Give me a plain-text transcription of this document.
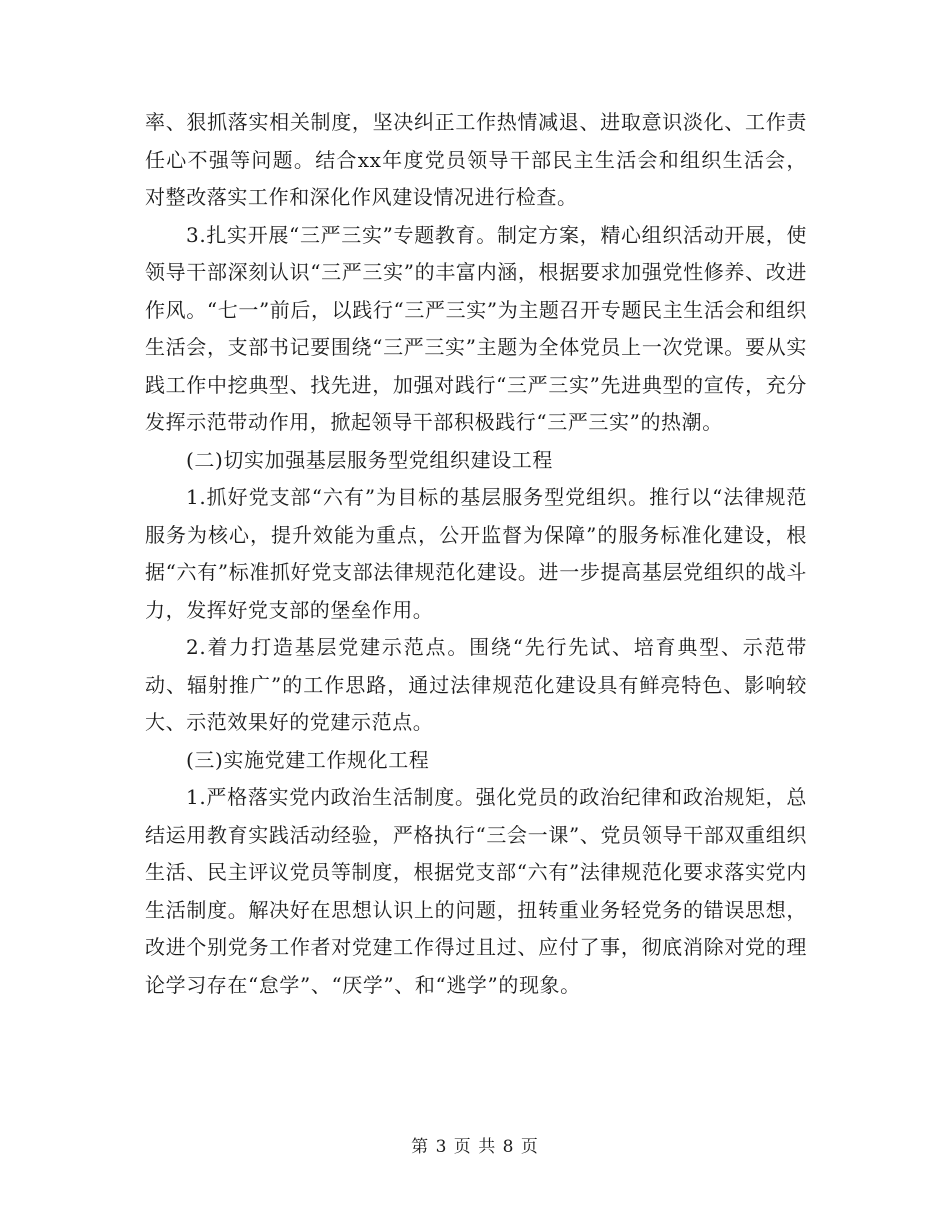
率、狠抓落实相关制度，坚决纠正工作热情减退、进取意识淡化、工作责任心不强等问题。结合xx年度党员领导干部民主生活会和组织生活会，对整改落实工作和深化作风建设情况进行检查。

3.扎实开展“三严三实”专题教育。制定方案，精心组织活动开展，使领导干部深刻认识“三严三实”的丰富内涵，根据要求加强党性修养、改进作风。“七一”前后，以践行“三严三实”为主题召开专题民主生活会和组织生活会，支部书记要围绕“三严三实”主题为全体党员上一次党课。要从实践工作中挖典型、找先进，加强对践行“三严三实”先进典型的宣传，充分发挥示范带动作用，掀起领导干部积极践行“三严三实”的热潮。

(二)切实加强基层服务型党组织建设工程

1.抓好党支部“六有”为目标的基层服务型党组织。推行以“法律规范服务为核心，提升效能为重点，公开监督为保障”的服务标准化建设，根据“六有”标准抓好党支部法律规范化建设。进一步提高基层党组织的战斗力，发挥好党支部的堡垒作用。

2.着力打造基层党建示范点。围绕“先行先试、培育典型、示范带动、辐射推广”的工作思路，通过法律规范化建设具有鲜亮特色、影响较大、示范效果好的党建示范点。

(三)实施党建工作规化工程

1.严格落实党内政治生活制度。强化党员的政治纪律和政治规矩，总结运用教育实践活动经验，严格执行“三会一课”、党员领导干部双重组织生活、民主评议党员等制度，根据党支部“六有”法律规范化要求落实党内生活制度。解决好在思想认识上的问题，扭转重业务轻党务的错误思想，改进个别党务工作者对党建工作得过且过、应付了事，彻底消除对党的理论学习存在“怠学”、“厌学”、和“逃学”的现象。

第 3 页 共 8 页
